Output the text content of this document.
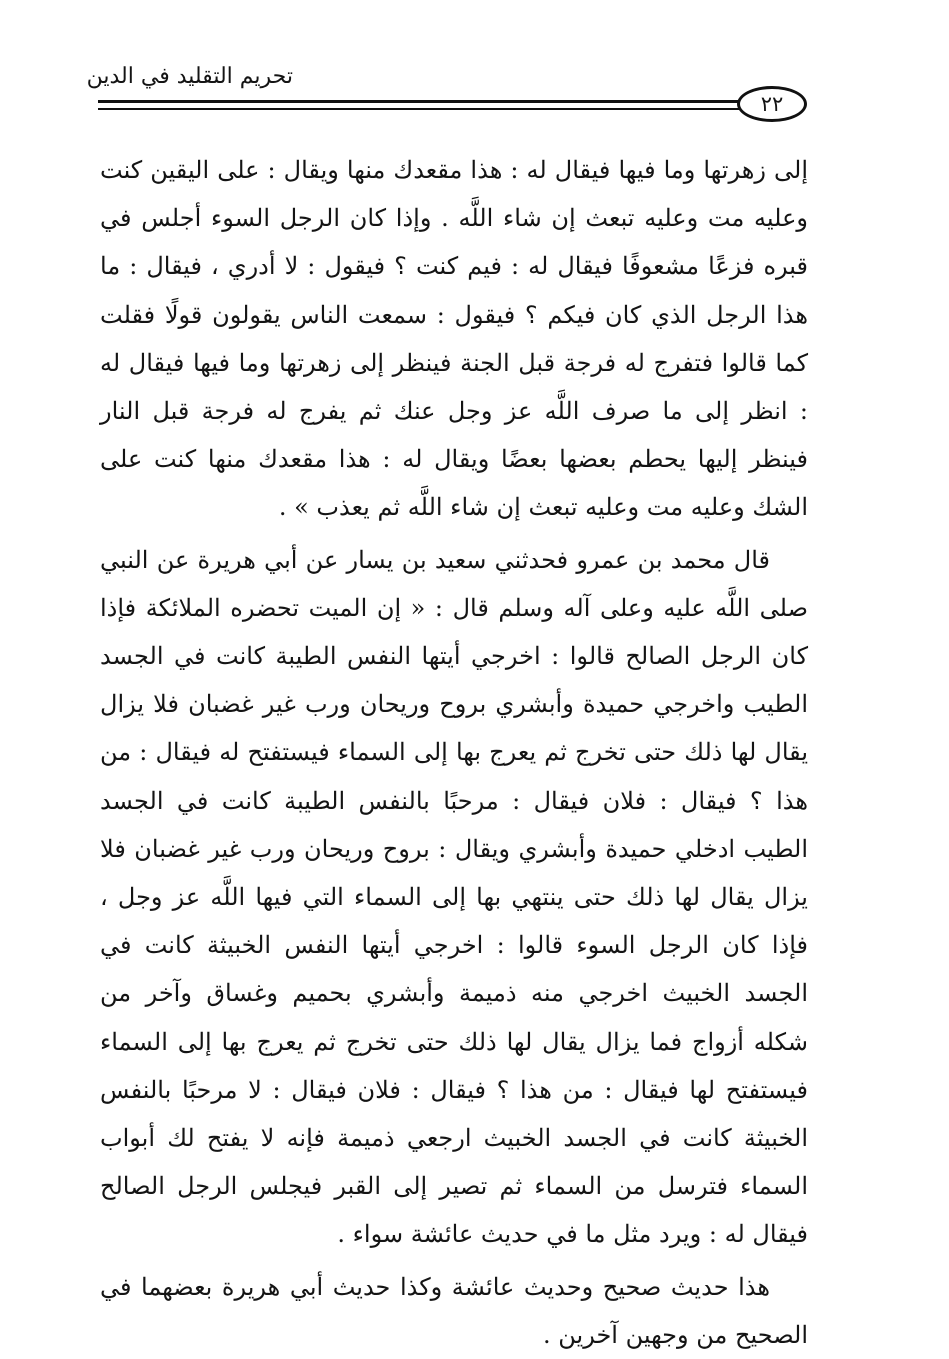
تحريم التقليد في الدين
٢٢

إلى زهرتها وما فيها فيقال له : هذا مقعدك منها ويقال : على اليقين كنت وعليه مت وعليه تبعث إن شاء اللَّه . وإذا كان الرجل السوء أجلس في قبره فزعًا مشعوفًا فيقال له : فيم كنت ؟ فيقول : لا أدري ، فيقال : ما هذا الرجل الذي كان فيكم ؟ فيقول : سمعت الناس يقولون قولًا فقلت كما قالوا فتفرج له فرجة قبل الجنة فينظر إلى زهرتها وما فيها فيقال له : انظر إلى ما صرف اللَّه عز وجل عنك ثم يفرج له فرجة قبل النار فينظر إليها يحطم بعضها بعضًا ويقال له : هذا مقعدك منها كنت على الشك وعليه مت وعليه تبعث إن شاء اللَّه ثم يعذب » .

قال محمد بن عمرو فحدثني سعيد بن يسار عن أبي هريرة عن النبي صلى اللَّه عليه وعلى آله وسلم قال : « إن الميت تحضره الملائكة فإذا كان الرجل الصالح قالوا : اخرجي أيتها النفس الطيبة كانت في الجسد الطيب واخرجي حميدة وأبشري بروح وريحان ورب غير غضبان فلا يزال يقال لها ذلك حتى تخرج ثم يعرج بها إلى السماء فيستفتح له فيقال : من هذا ؟ فيقال : فلان فيقال : مرحبًا بالنفس الطيبة كانت في الجسد الطيب ادخلي حميدة وأبشري ويقال : بروح وريحان ورب غير غضبان فلا يزال يقال لها ذلك حتى ينتهي بها إلى السماء التي فيها اللَّه عز وجل ، فإذا كان الرجل السوء قالوا : اخرجي أيتها النفس الخبيثة كانت في الجسد الخبيث اخرجي منه ذميمة وأبشري بحميم وغساق وآخر من شكله أزواج فما يزال يقال لها ذلك حتى تخرج ثم يعرج بها إلى السماء فيستفتح لها فيقال : من هذا ؟ فيقال : فلان فيقال : لا مرحبًا بالنفس الخبيثة كانت في الجسد الخبيث ارجعي ذميمة فإنه لا يفتح لك أبواب السماء فترسل من السماء ثم تصير إلى القبر فيجلس الرجل الصالح فيقال له : ويرد مثل ما في حديث عائشة سواء .

هذا حديث صحيح وحديث عائشة وكذا حديث أبي هريرة بعضهما في الصحيح من وجهين آخرين .
